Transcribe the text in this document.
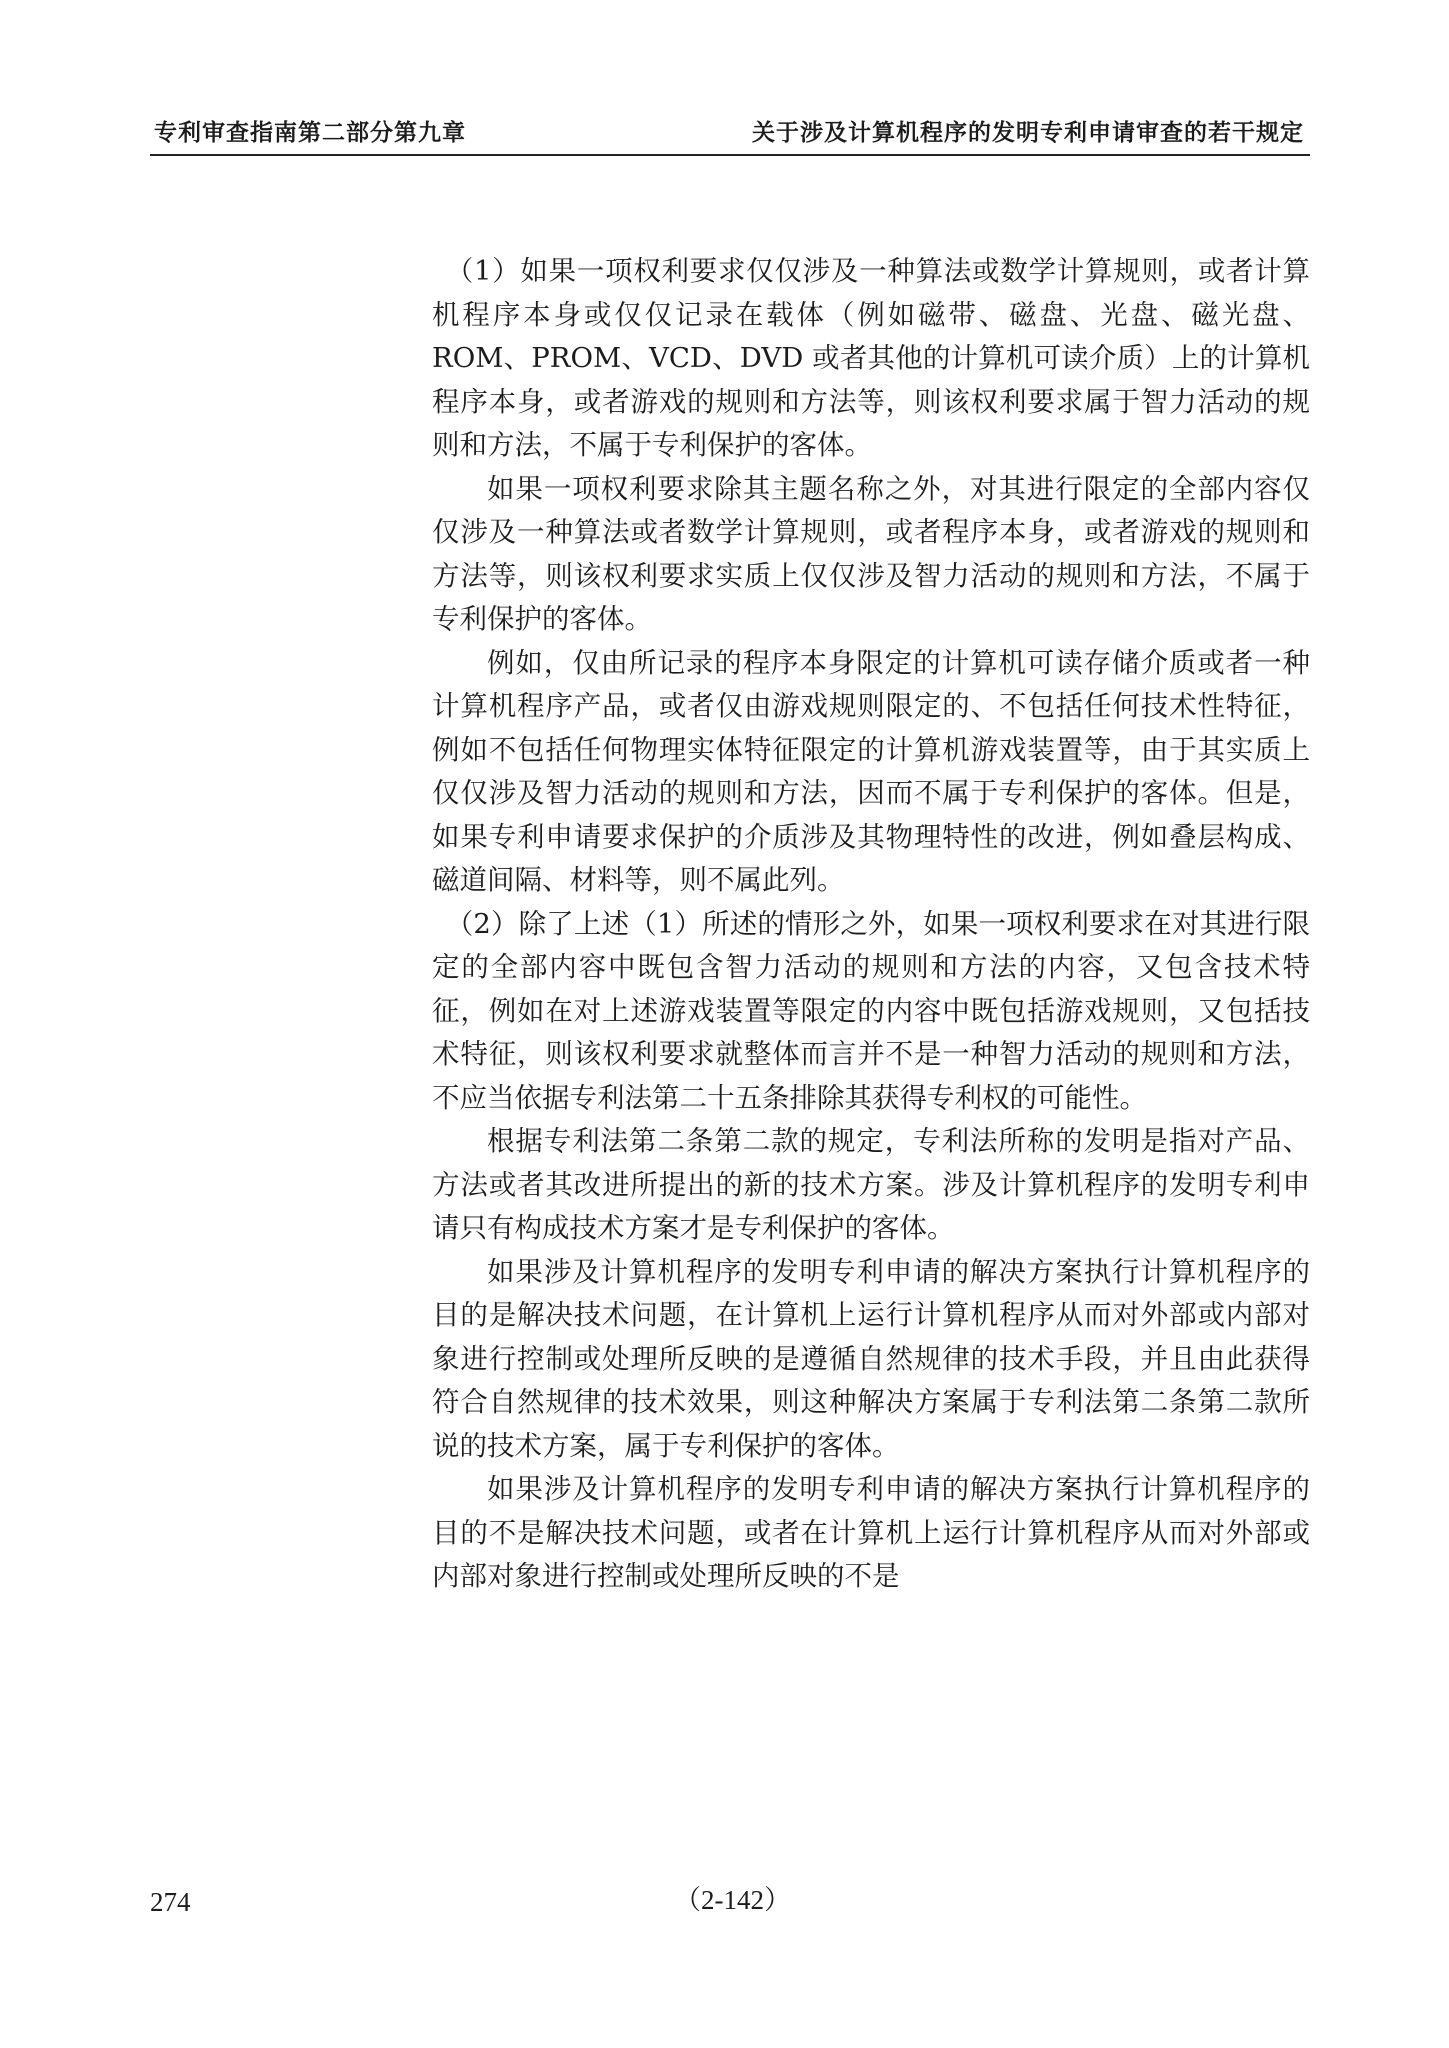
专利审查指南第二部分第九章	关于涉及计算机程序的发明专利申请审查的若干规定

（1）如果一项权利要求仅仅涉及一种算法或数学计算规则，或者计算机程序本身或仅仅记录在载体（例如磁带、磁盘、光盘、磁光盘、ROM、PROM、VCD、DVD 或者其他的计算机可读介质）上的计算机程序本身，或者游戏的规则和方法等，则该权利要求属于智力活动的规则和方法，不属于专利保护的客体。

如果一项权利要求除其主题名称之外，对其进行限定的全部内容仅仅涉及一种算法或者数学计算规则，或者程序本身，或者游戏的规则和方法等，则该权利要求实质上仅仅涉及智力活动的规则和方法，不属于专利保护的客体。

例如，仅由所记录的程序本身限定的计算机可读存储介质或者一种计算机程序产品，或者仅由游戏规则限定的、不包括任何技术性特征，例如不包括任何物理实体特征限定的计算机游戏装置等，由于其实质上仅仅涉及智力活动的规则和方法，因而不属于专利保护的客体。但是，如果专利申请要求保护的介质涉及其物理特性的改进，例如叠层构成、磁道间隔、材料等，则不属此列。

（2）除了上述（1）所述的情形之外，如果一项权利要求在对其进行限定的全部内容中既包含智力活动的规则和方法的内容，又包含技术特征，例如在对上述游戏装置等限定的内容中既包括游戏规则，又包括技术特征，则该权利要求就整体而言并不是一种智力活动的规则和方法，不应当依据专利法第二十五条排除其获得专利权的可能性。

根据专利法第二条第二款的规定，专利法所称的发明是指对产品、方法或者其改进所提出的新的技术方案。涉及计算机程序的发明专利申请只有构成技术方案才是专利保护的客体。

如果涉及计算机程序的发明专利申请的解决方案执行计算机程序的目的是解决技术问题，在计算机上运行计算机程序从而对外部或内部对象进行控制或处理所反映的是遵循自然规律的技术手段，并且由此获得符合自然规律的技术效果，则这种解决方案属于专利法第二条第二款所说的技术方案，属于专利保护的客体。

如果涉及计算机程序的发明专利申请的解决方案执行计算机程序的目的不是解决技术问题，或者在计算机上运行计算机程序从而对外部或内部对象进行控制或处理所反映的不是

274	（2-142）
